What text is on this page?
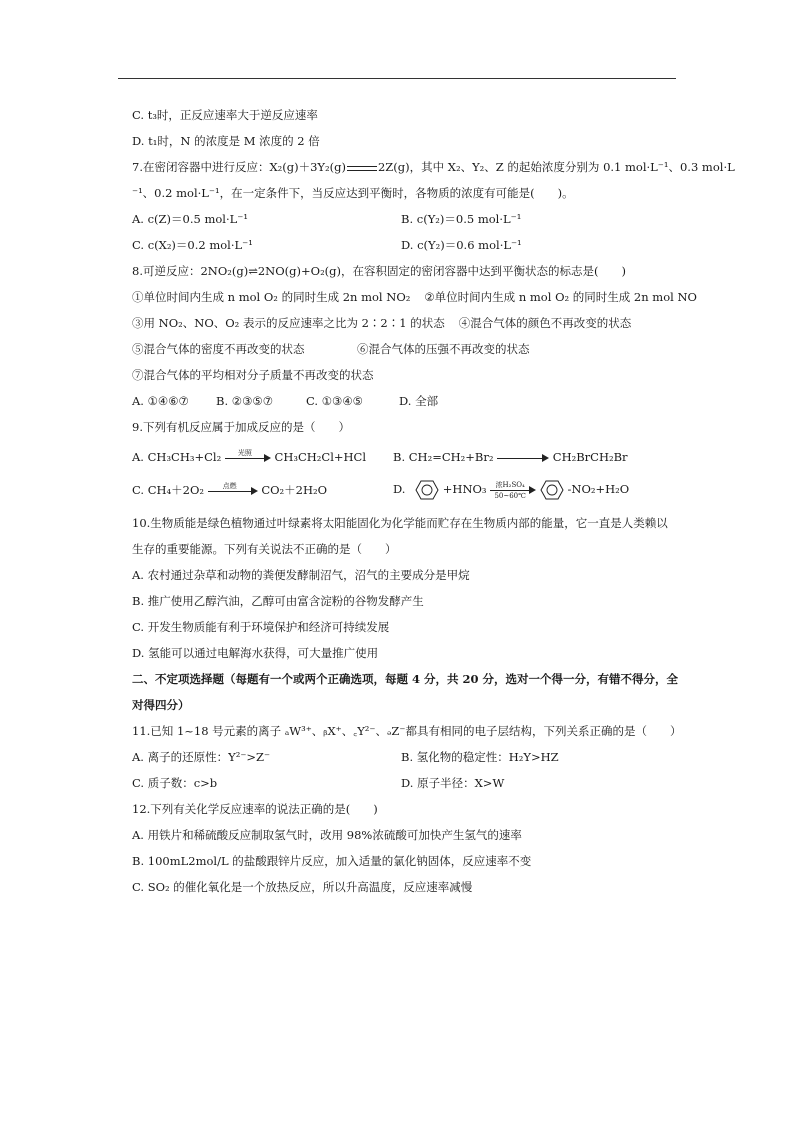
C. t₃时，正反应速率大于逆反应速率
D. t₁时，N 的浓度是 M 浓度的 2 倍
7.在密闭容器中进行反应：X₂(g)＋3Y₂(g)	2Z(g)，其中 X₂、Y₂、Z 的起始浓度分别为 0.1 mol·L⁻¹、0.3 mol·L
⁻¹、0.2 mol·L⁻¹，在一定条件下，当反应达到平衡时，各物质的浓度有可能是(　　)。
A. c(Z)＝0.5 mol·L⁻¹	B. c(Y₂)＝0.5 mol·L⁻¹
C. c(X₂)＝0.2 mol·L⁻¹	D. c(Y₂)＝0.6 mol·L⁻¹
8.可逆反应：2NO₂(g)⇌2NO(g)+O₂(g)，在容积固定的密闭容器中达到平衡状态的标志是(　　)
①单位时间内生成 n mol O₂ 的同时生成 2n mol NO₂ ②单位时间内生成 n mol O₂ 的同时生成 2n mol NO
③用 NO₂、NO、O₂ 表示的反应速率之比为 2∶2∶1 的状态 ④混合气体的颜色不再改变的状态
⑤混合气体的密度不再改变的状态	⑥混合气体的压强不再改变的状态
⑦混合气体的平均相对分子质量不再改变的状态
A. ①④⑥⑦ B. ②③⑤⑦	C. ①③④⑤	D. 全部
9.下列有机反应属于加成反应的是（　　）
A. CH₃CH₃+Cl₂	光照	CH₃CH₂Cl+HCl B. CH₂=CH₂+Br₂	CH₂BrCH₂Br
C. CH₄＋2O₂	点燃	CO₂＋2H₂O	D.	+HNO₃	浓H₂SO₄
50~60℃	-NO₂+H₂O
10.生物质能是绿色植物通过叶绿素将太阳能固化为化学能而贮存在生物质内部的能量，它一直是人类赖以
生存的重要能源。下列有关说法不正确的是（　　）
A. 农村通过杂草和动物的粪便发酵制沼气，沼气的主要成分是甲烷
B. 推广使用乙醇汽油，乙醇可由富含淀粉的谷物发酵产生
C. 开发生物质能有利于环境保护和经济可持续发展
D. 氢能可以通过电解海水获得，可大量推广使用
二、不定项选择题（每题有一个或两个正确选项，每题 4 分，共 20 分，选对一个得一分，有错不得分，全
对得四分）
11.已知 1~18 号元素的离子 ₐW³⁺、ᵦX⁺、꜀Y²⁻、ₔZ⁻都具有相同的电子层结构，下列关系正确的是（　　）
A. 离子的还原性：Y²⁻>Z⁻	B. 氢化物的稳定性：H₂Y>HZ
C. 质子数：c>b	D. 原子半径：X>W
12.下列有关化学反应速率的说法正确的是(　　)
A. 用铁片和稀硫酸反应制取氢气时，改用 98%浓硫酸可加快产生氢气的速率
B. 100mL2mol/L 的盐酸跟锌片反应，加入适量的氯化钠固体，反应速率不变
C. SO₂ 的催化氧化是一个放热反应，所以升高温度，反应速率减慢
